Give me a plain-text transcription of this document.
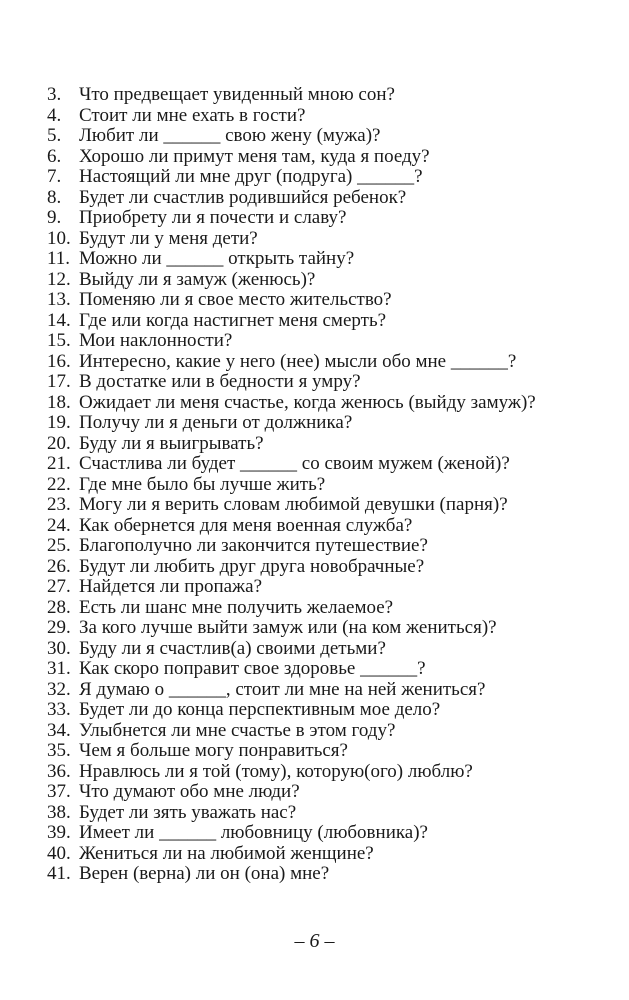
3. Что предвещает увиденный мною сон?
4. Стоит ли мне ехать в гости?
5. Любит ли ______ свою жену (мужа)?
6. Хорошо ли примут меня там, куда я поеду?
7. Настоящий ли мне друг (подруга) ______?
8. Будет ли счастлив родившийся ребенок?
9. Приобрету ли я почести и славу?
10. Будут ли у меня дети?
11. Можно ли ______ открыть тайну?
12. Выйду ли я замуж (женюсь)?
13. Поменяю ли я свое место жительство?
14. Где или когда настигнет меня смерть?
15. Мои наклонности?
16. Интересно, какие у него (нее) мысли обо мне ______?
17. В достатке или в бедности я умру?
18. Ожидает ли меня счастье, когда женюсь (выйду замуж)?
19. Получу ли я деньги от должника?
20. Буду ли я выигрывать?
21. Счастлива ли будет ______ со своим мужем (женой)?
22. Где мне было бы лучше жить?
23. Могу ли я верить словам любимой девушки (парня)?
24. Как обернется для меня военная служба?
25. Благополучно ли закончится путешествие?
26. Будут ли любить друг друга новобрачные?
27. Найдется ли пропажа?
28. Есть ли шанс мне получить желаемое?
29. За кого лучше выйти замуж или (на ком жениться)?
30. Буду ли я счастлив(а) своими детьми?
31. Как скоро поправит свое здоровье ______?
32. Я думаю о ______, стоит ли мне на ней жениться?
33. Будет ли до конца перспективным мое дело?
34. Улыбнется ли мне счастье в этом году?
35. Чем я больше могу понравиться?
36. Нравлюсь ли я той (тому), которую(ого) люблю?
37. Что думают обо мне люди?
38. Будет ли зять уважать нас?
39. Имеет ли ______ любовницу (любовника)?
40. Жениться ли на любимой женщине?
41. Верен (верна) ли он (она) мне?
– 6 –
